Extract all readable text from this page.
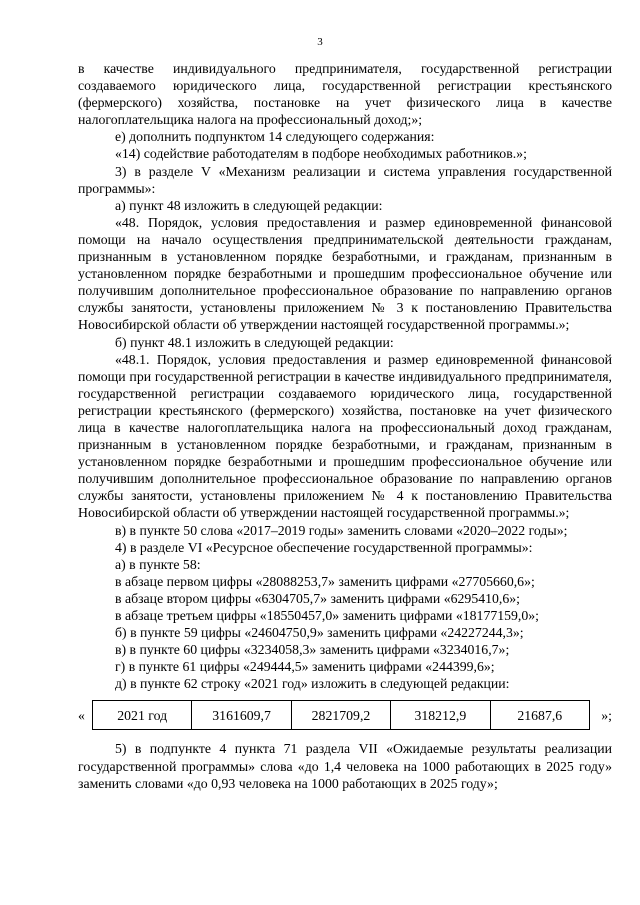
3

в качестве индивидуального предпринимателя, государственной регистрации создаваемого юридического лица, государственной регистрации крестьянского (фермерского) хозяйства, постановке на учет физического лица в качестве налогоплательщика налога на профессиональный доход;»;

е) дополнить подпунктом 14 следующего содержания:

«14) содействие работодателям в подборе необходимых работников.»;

3) в разделе V «Механизм реализации и система управления государственной программы»:

а) пункт 48 изложить в следующей редакции:

«48. Порядок, условия предоставления и размер единовременной финансовой помощи на начало осуществления предпринимательской деятельности гражданам, признанным в установленном порядке безработными, и гражданам, признанным в установленном порядке безработными и прошедшим профессиональное обучение или получившим дополнительное профессиональное образование по направлению органов службы занятости, установлены приложением № 3 к постановлению Правительства Новосибирской области об утверждении настоящей государственной программы.»;

б) пункт 48.1 изложить в следующей редакции:

«48.1. Порядок, условия предоставления и размер единовременной финансовой помощи при государственной регистрации в качестве индивидуального предпринимателя, государственной регистрации создаваемого юридического лица, государственной регистрации крестьянского (фермерского) хозяйства, постановке на учет физического лица в качестве налогоплательщика налога на профессиональный доход гражданам, признанным в установленном порядке безработными, и гражданам, признанным в установленном порядке безработными и прошедшим профессиональное обучение или получившим дополнительное профессиональное образование по направлению органов службы занятости, установлены приложением № 4 к постановлению Правительства Новосибирской области об утверждении настоящей государственной программы.»;

в) в пункте 50 слова «2017–2019 годы» заменить словами «2020–2022 годы»;

4) в разделе VI «Ресурсное обеспечение государственной программы»:

а) в пункте 58:

в абзаце первом цифры «28088253,7» заменить цифрами «27705660,6»;

в абзаце втором цифры «6304705,7» заменить цифрами «6295410,6»;

в абзаце третьем цифры «18550457,0» заменить цифрами «18177159,0»;

б) в пункте 59 цифры «24604750,9» заменить цифрами «24227244,3»;

в) в пункте 60 цифры «3234058,3» заменить цифрами «3234016,7»;

г) в пункте 61 цифры «249444,5» заменить цифрами «244399,6»;

д) в пункте 62 строку «2021 год» изложить в следующей редакции:

«	2021 год	3161609,7	2821709,2	318212,9	21687,6	»;

5) в подпункте 4 пункта 71 раздела VII «Ожидаемые результаты реализации государственной программы» слова «до 1,4 человека на 1000 работающих в 2025 году» заменить словами «до 0,93 человека на 1000 работающих в 2025 году»;
